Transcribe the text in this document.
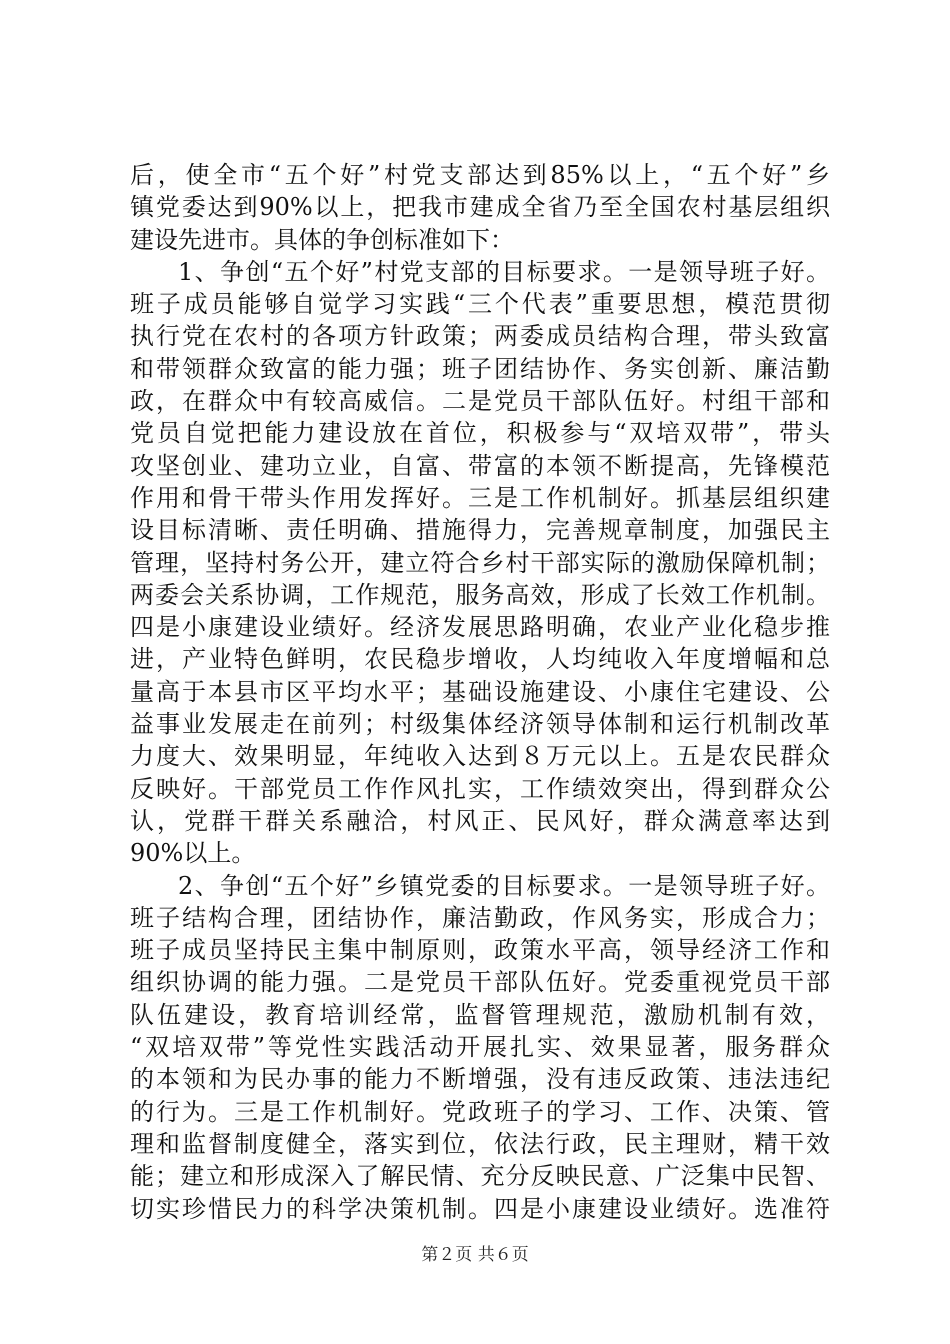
后，使全市“五个好”村党支部达到85%以上，“五个好”乡
镇党委达到90%以上，把我市建成全省乃至全国农村基层组织
建设先进市。具体的争创标准如下：
1、争创“五个好”村党支部的目标要求。一是领导班子好。
班子成员能够自觉学习实践“三个代表”重要思想，模范贯彻
执行党在农村的各项方针政策；两委成员结构合理，带头致富
和带领群众致富的能力强；班子团结协作、务实创新、廉洁勤
政，在群众中有较高威信。二是党员干部队伍好。村组干部和
党员自觉把能力建设放在首位，积极参与“双培双带”，带头
攻坚创业、建功立业，自富、带富的本领不断提高，先锋模范
作用和骨干带头作用发挥好。三是工作机制好。抓基层组织建
设目标清晰、责任明确、措施得力，完善规章制度，加强民主
管理，坚持村务公开，建立符合乡村干部实际的激励保障机制；
两委会关系协调，工作规范，服务高效，形成了长效工作机制。
四是小康建设业绩好。经济发展思路明确，农业产业化稳步推
进，产业特色鲜明，农民稳步增收，人均纯收入年度增幅和总
量高于本县市区平均水平；基础设施建设、小康住宅建设、公
益事业发展走在前列；村级集体经济领导体制和运行机制改革
力度大、效果明显，年纯收入达到８万元以上。五是农民群众
反映好。干部党员工作作风扎实，工作绩效突出，得到群众公
认，党群干群关系融洽，村风正、民风好，群众满意率达到
90%以上。
2、争创“五个好”乡镇党委的目标要求。一是领导班子好。
班子结构合理，团结协作，廉洁勤政，作风务实，形成合力；
班子成员坚持民主集中制原则，政策水平高，领导经济工作和
组织协调的能力强。二是党员干部队伍好。党委重视党员干部
队伍建设，教育培训经常，监督管理规范，激励机制有效，
“双培双带”等党性实践活动开展扎实、效果显著，服务群众
的本领和为民办事的能力不断增强，没有违反政策、违法违纪
的行为。三是工作机制好。党政班子的学习、工作、决策、管
理和监督制度健全，落实到位，依法行政，民主理财，精干效
能；建立和形成深入了解民情、充分反映民意、广泛集中民智、
切实珍惜民力的科学决策机制。四是小康建设业绩好。选准符
第２页 共６页
